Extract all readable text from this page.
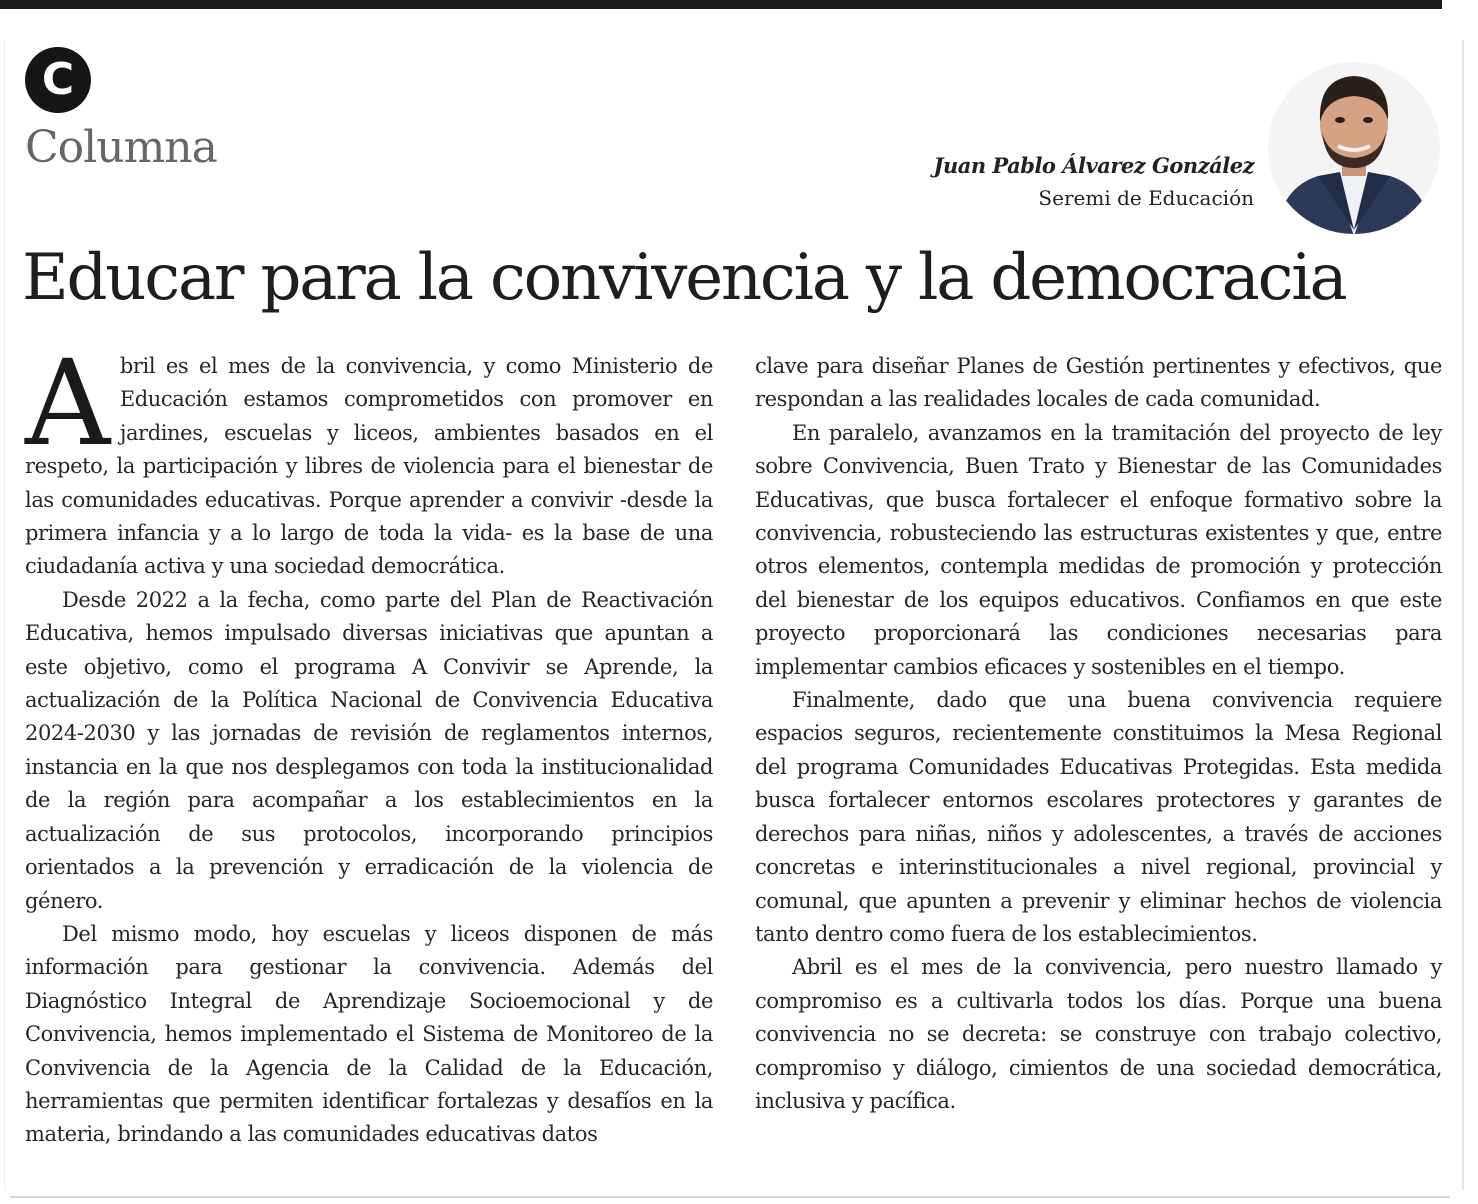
C
Columna	Juan Pablo Álvarez González
Seremi de Educación
Educar para la convivencia y la democracia

Abril es el mes de la convivencia, y como Ministerio de Educación estamos comprometidos con promover en jardines, escuelas y liceos, ambientes basados en el respeto, la participación y libres de violencia para el bienestar de las comunidades educativas. Porque aprender a convivir -desde la primera infancia y a lo largo de toda la vida- es la base de una ciudadanía activa y una sociedad democrática.

Desde 2022 a la fecha, como parte del Plan de Reactivación Educativa, hemos impulsado diversas iniciativas que apuntan a este objetivo, como el programa A Convivir se Aprende, la actualización de la Política Nacional de Convivencia Educativa 2024-2030 y las jornadas de revisión de reglamentos internos, instancia en la que nos desplegamos con toda la institucionalidad de la región para acompañar a los establecimientos en la actualización de sus protocolos, incorporando principios orientados a la prevención y erradicación de la violencia de género.

Del mismo modo, hoy escuelas y liceos disponen de más información para gestionar la convivencia. Además del Diagnóstico Integral de Aprendizaje Socioemocional y de Convivencia, hemos implementado el Sistema de Monitoreo de la Convivencia de la Agencia de la Calidad de la Educación, herramientas que permiten identificar fortalezas y desafíos en la materia, brindando a las comunidades educativas datos

clave para diseñar Planes de Gestión pertinentes y efectivos, que respondan a las realidades locales de cada comunidad.

En paralelo, avanzamos en la tramitación del proyecto de ley sobre Convivencia, Buen Trato y Bienestar de las Comunidades Educativas, que busca fortalecer el enfoque formativo sobre la convivencia, robusteciendo las estructuras existentes y que, entre otros elementos, contempla medidas de promoción y protección del bienestar de los equipos educativos. Confiamos en que este proyecto proporcionará las condiciones necesarias para implementar cambios eficaces y sostenibles en el tiempo.

Finalmente, dado que una buena convivencia requiere espacios seguros, recientemente constituimos la Mesa Regional del programa Comunidades Educativas Protegidas. Esta medida busca fortalecer entornos escolares protectores y garantes de derechos para niñas, niños y adolescentes, a través de acciones concretas e interinstitucionales a nivel regional, provincial y comunal, que apunten a prevenir y eliminar hechos de violencia tanto dentro como fuera de los establecimientos.

Abril es el mes de la convivencia, pero nuestro llamado y compromiso es a cultivarla todos los días. Porque una buena convivencia no se decreta: se construye con trabajo colectivo, compromiso y diálogo, cimientos de una sociedad democrática, inclusiva y pacífica.
